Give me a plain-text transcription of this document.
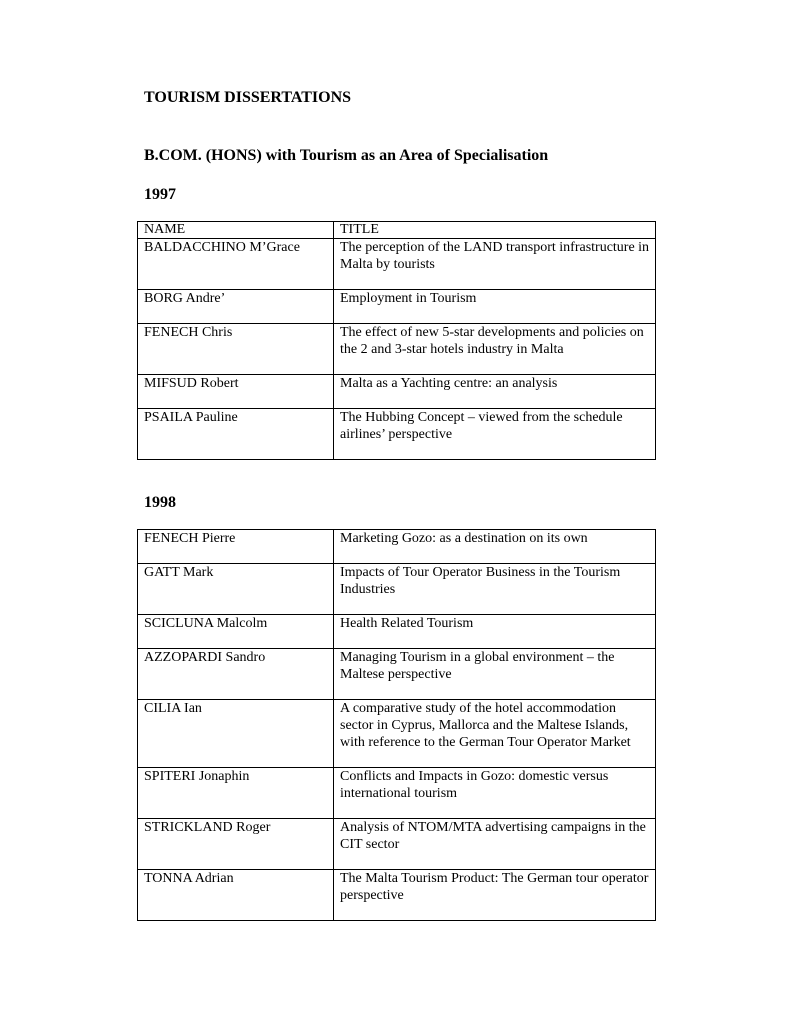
TOURISM DISSERTATIONS
B.COM. (HONS) with Tourism as an Area of Specialisation
1997
NAME	TITLE
BALDACCHINO M’Grace	The perception of the LAND transport infrastructure in Malta by tourists
BORG Andre’	Employment in Tourism
FENECH Chris	The effect of new 5-star developments and policies on the 2 and 3-star hotels industry in Malta
MIFSUD Robert	Malta as a Yachting centre: an analysis
PSAILA Pauline	The Hubbing Concept – viewed from the schedule airlines’ perspective
1998
FENECH Pierre	Marketing Gozo: as a destination on its own
GATT Mark	Impacts of Tour Operator Business in the Tourism Industries
SCICLUNA Malcolm	Health Related Tourism
AZZOPARDI Sandro	Managing Tourism in a global environment – the Maltese perspective
CILIA Ian	A comparative study of the hotel accommodation sector in Cyprus, Mallorca and the Maltese Islands, with reference to the German Tour Operator Market
SPITERI Jonaphin	Conflicts and Impacts in Gozo: domestic versus international tourism
STRICKLAND Roger	Analysis of NTOM/MTA advertising campaigns in the CIT sector
TONNA Adrian	The Malta Tourism Product: The German tour operator perspective
